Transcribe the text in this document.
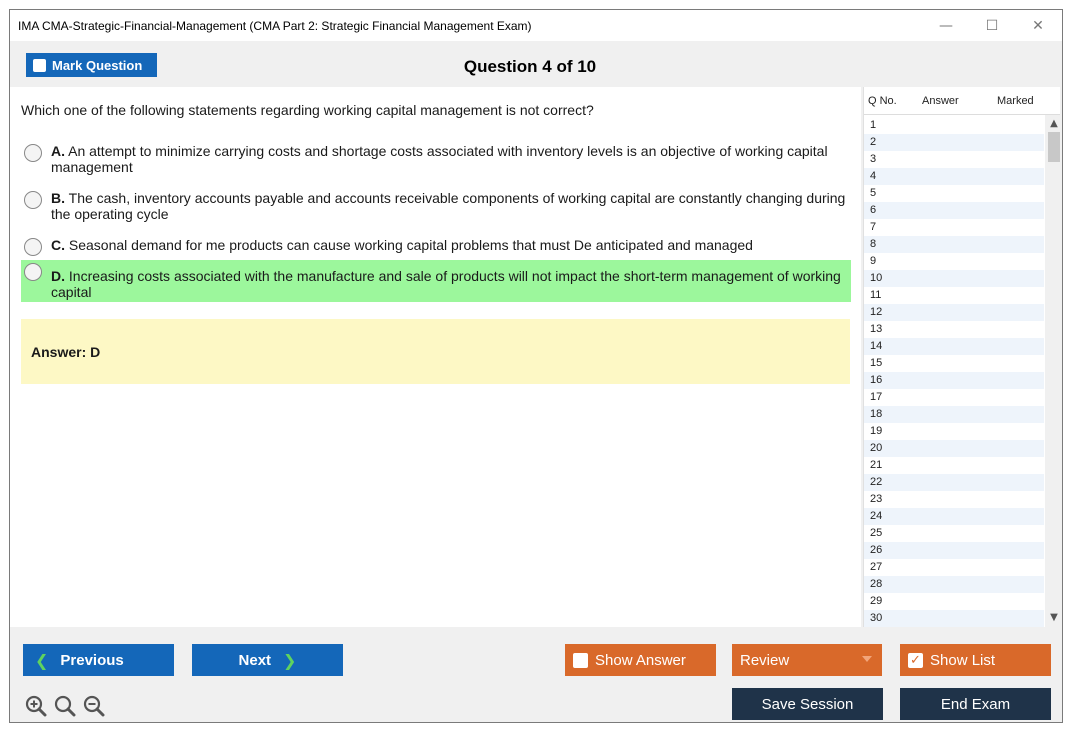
IMA CMA-Strategic-Financial-Management (CMA Part 2: Strategic Financial Management Exam)	—	☐	✕
Mark Question	Question 4 of 10
Which one of the following statements regarding working capital management is not correct?
A. An attempt to minimize carrying costs and shortage costs associated with inventory levels is an objective of working capital management
B. The cash, inventory accounts payable and accounts receivable components of working capital are constantly changing during the operating cycle
C. Seasonal demand for me products can cause working capital problems that must De anticipated and managed
D. Increasing costs associated with the manufacture and sale of products will not impact the short-term management of working capital
Answer: D
Q No. Answer	Marked
1
2
3
4
5
6
7
8
9
10
11
12
13
14
15
16
17
18
19
20
21
22
23
24
25
26
27
28
29
30
▲
▼
❮ Previous	Next ❯	Show Answer	Review	✓ Show List
Save Session	End Exam
